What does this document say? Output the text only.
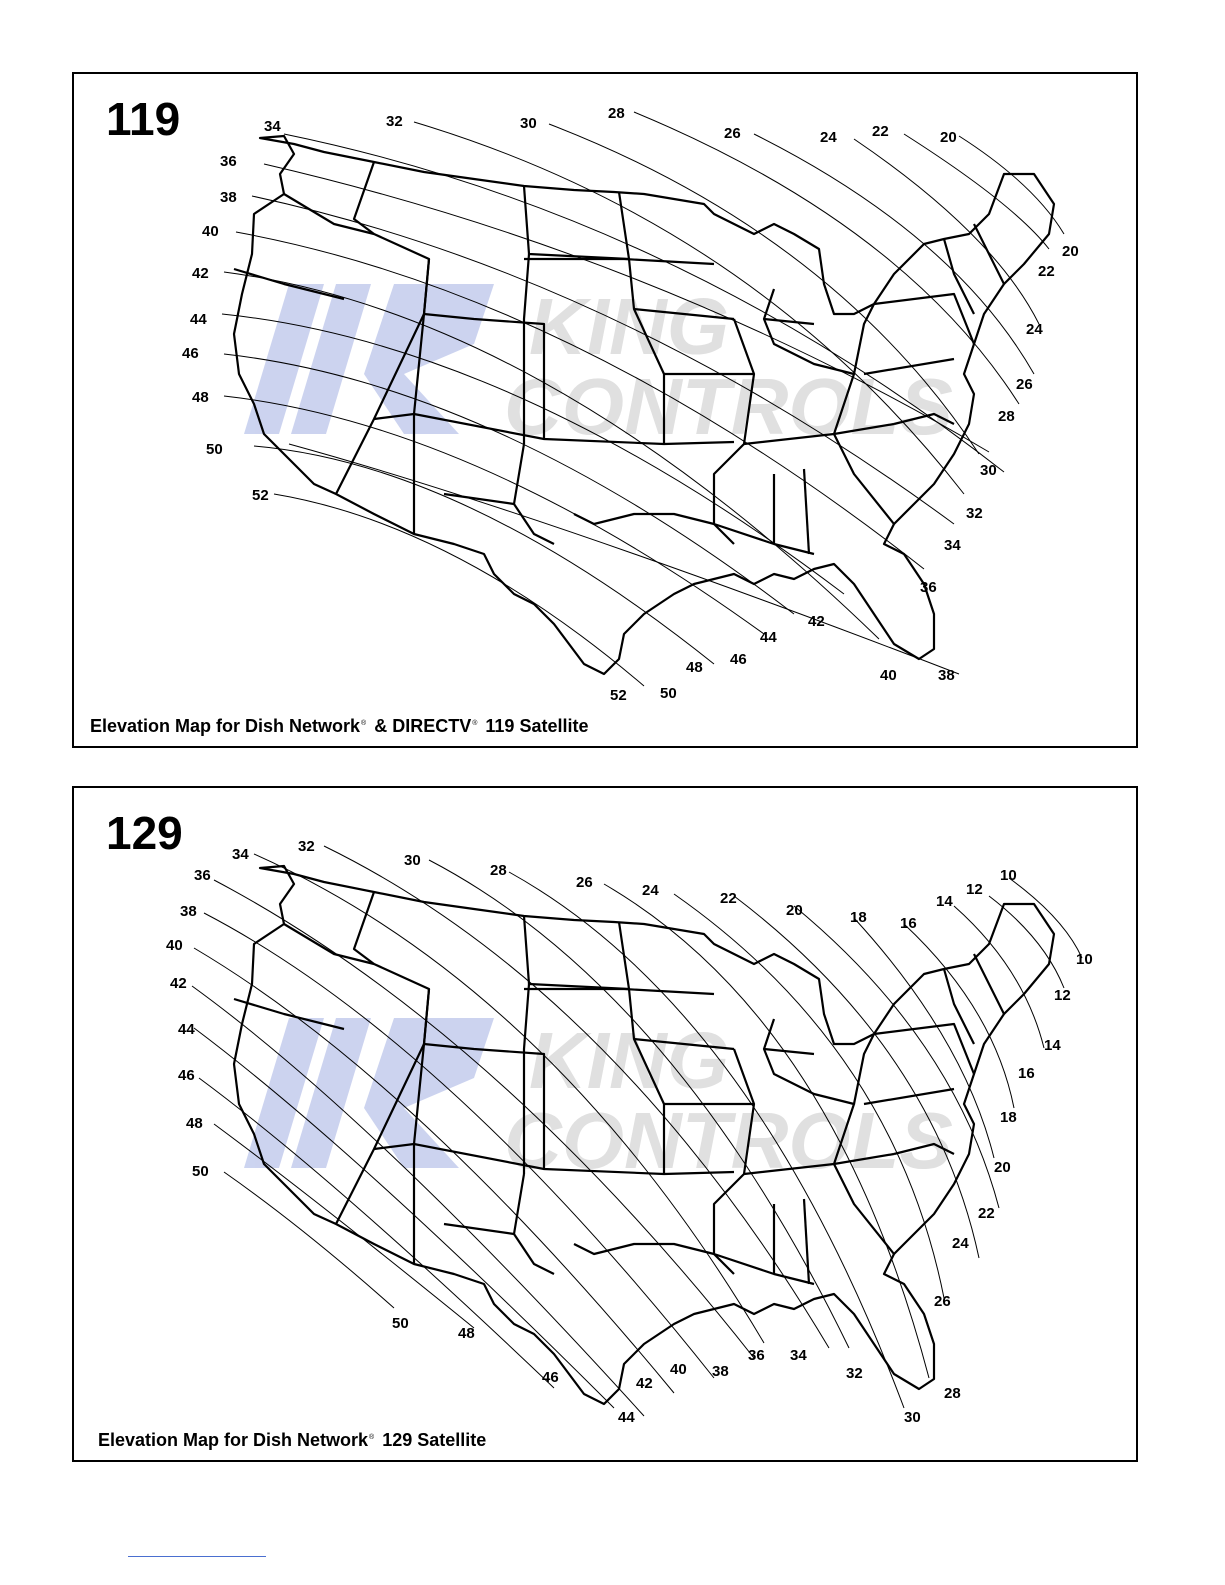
KING
CONTROLS
34
36
38
40
42
44
46
48
50
52
32	30
28
26	24 22	20
20
22
24
26
28
30
32
34
36
52 50
48 46
44
42
40	38
119
Elevation Map for Dish Network® & DIRECTV® 119 Satellite
KING
CONTROLS
36
38
40
42
44
46
48
50
34	32
30
28
26	24	22
20	18 16
14
12
10
10
12
14
16
18
20
22
24
26
28
50
48
46	42
44
40 38
36 34
32
30
129
Elevation Map for Dish Network® 129 Satellite
